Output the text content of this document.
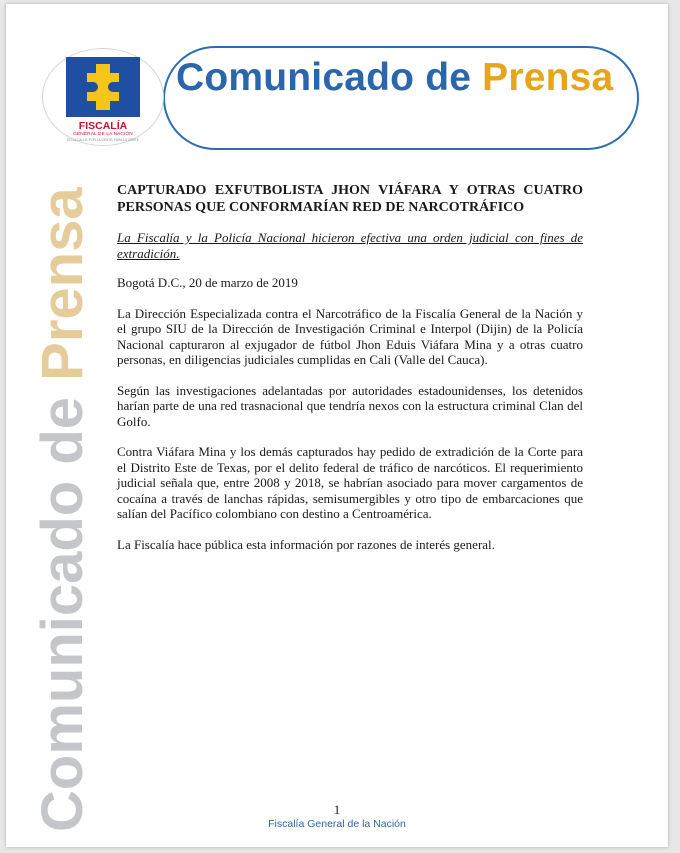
Comunicado de Prensa
FISCALÍA
GENERAL DE LA NACIÓN
EN LA CALLE, POR LA GENTE, PARA LA GENTE
Comunicado de Prensa CAPTURADO EXFUTBOLISTA JHON VIÁFARA Y OTRAS CUATRO PERSONAS QUE CONFORMARÍAN RED DE NARCOTRÁFICO

La Fiscalía y la Policía Nacional hicieron efectiva una orden judicial con fines de extradición.

Bogotá D.C., 20 de marzo de 2019

La Dirección Especializada contra el Narcotráfico de la Fiscalía General de la Nación y el grupo SIU de la Dirección de Investigación Criminal e Interpol (Dijin) de la Policía Nacional capturaron al exjugador de fútbol Jhon Eduis Viáfara Mina y a otras cuatro personas, en diligencias judiciales cumplidas en Cali (Valle del Cauca).

Según las investigaciones adelantadas por autoridades estadounidenses, los detenidos harían parte de una red trasnacional que tendría nexos con la estructura criminal Clan del Golfo.

Contra Viáfara Mina y los demás capturados hay pedido de extradición de la Corte para el Distrito Este de Texas, por el delito federal de tráfico de narcóticos. El requerimiento judicial señala que, entre 2008 y 2018, se habrían asociado para mover cargamentos de cocaína a través de lanchas rápidas, semisumergibles y otro tipo de embarcaciones que salían del Pacífico colombiano con destino a Centroamérica.

La Fiscalía hace pública esta información por razones de interés general.

1
Fiscalía General de la Nación
